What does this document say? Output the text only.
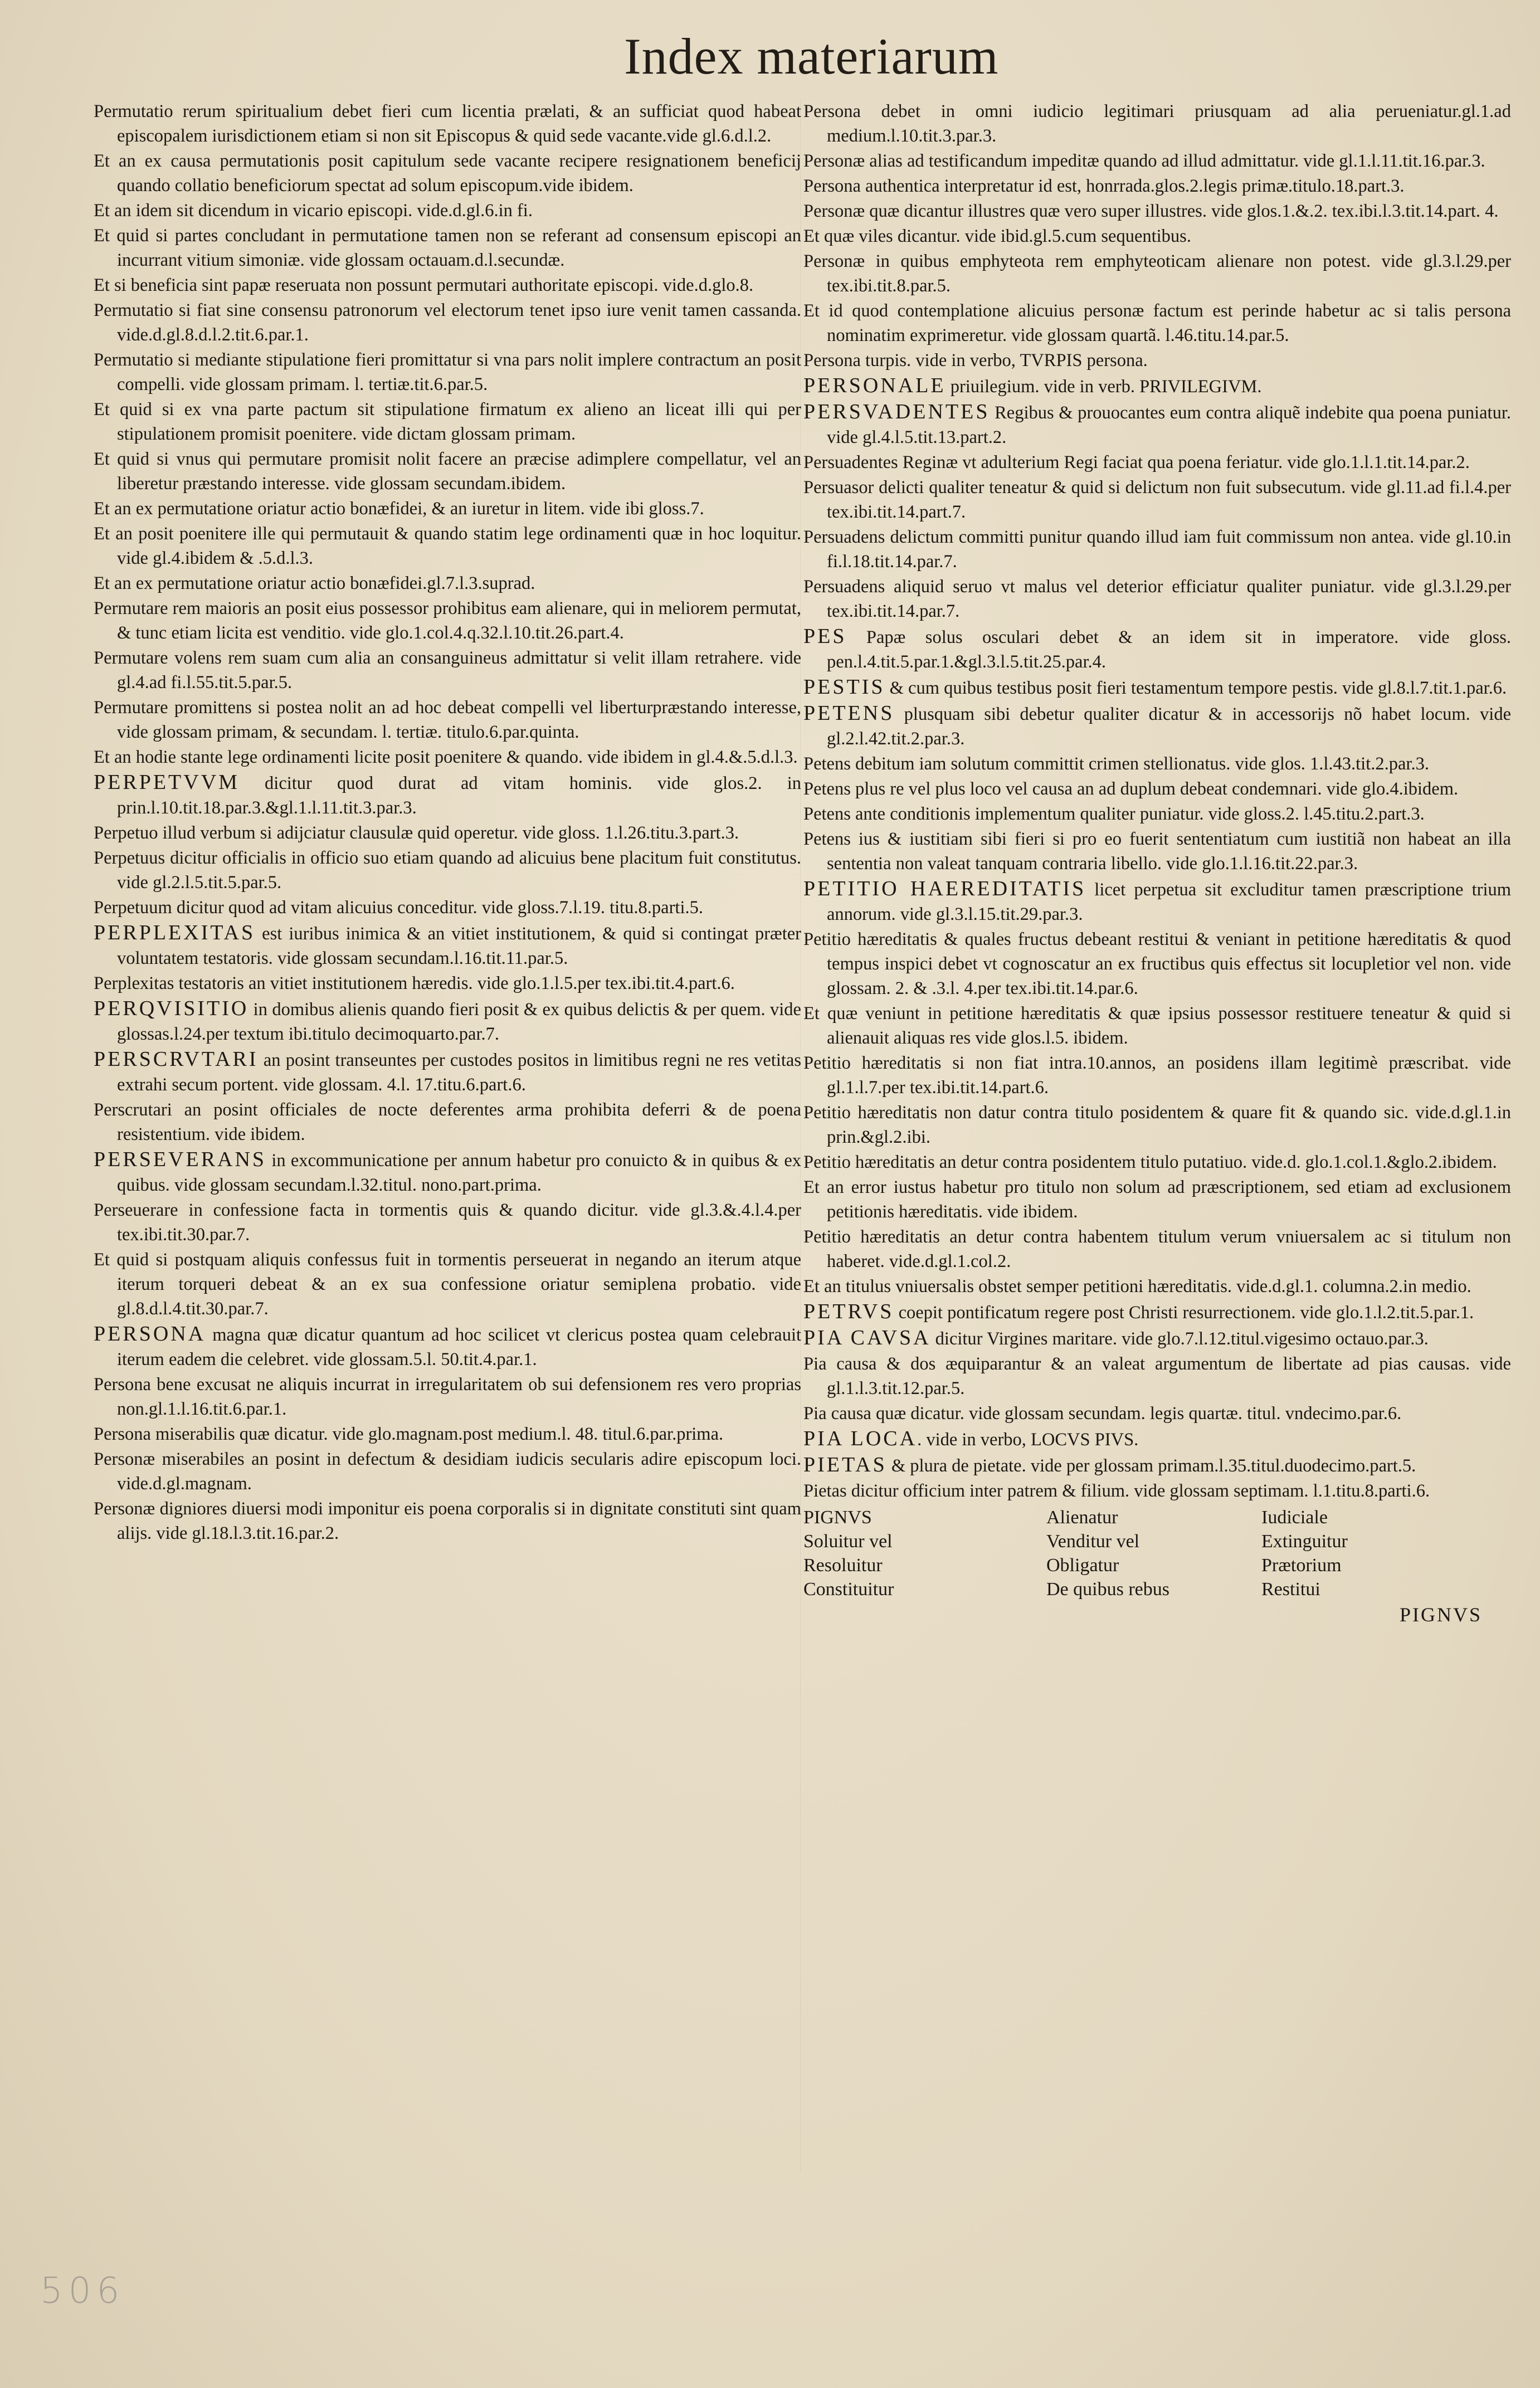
Index materiarum
Permutatio rerum spiritualium debet fieri cum licentia prælati, & an sufficiat quod habeat episcopalem iurisdictionem etiam si non sit Episcopus & quid sede vacante.vide gl.6.d.l.2.
Et an ex causa permutationis posit capitulum sede vacante recipere resignationem beneficij quando collatio beneficiorum spectat ad solum episcopum.vide ibidem.
Et an idem sit dicendum in vicario episcopi. vide.d.gl.6.in fi.
Et quid si partes concludant in permutatione tamen non se referant ad consensum episcopi an incurrant vitium simoniæ. vide glossam octauam.d.l.secundæ.
Et si beneficia sint papæ reseruata non possunt permutari authoritate episcopi. vide.d.glo.8.
Permutatio si fiat sine consensu patronorum vel electorum tenet ipso iure venit tamen cassanda. vide.d.gl.8.d.l.2.tit.6.par.1.
Permutatio si mediante stipulatione fieri promittatur si vna pars nolit implere contractum an posit compelli. vide glossam primam. l. tertiæ.tit.6.par.5.
Et quid si ex vna parte pactum sit stipulatione firmatum ex alieno an liceat illi qui per stipulationem promisit poenitere. vide dictam glossam primam.
Et quid si vnus qui permutare promisit nolit facere an præcise adimplere compellatur, vel an liberetur præstando interesse. vide glossam secundam.ibidem.
Et an ex permutatione oriatur actio bonæfidei, & an iuretur in litem. vide ibi gloss.7.
Et an posit poenitere ille qui permutauit & quando statim lege ordinamenti quæ in hoc loquitur. vide gl.4.ibidem & .5.d.l.3.
Et an ex permutatione oriatur actio bonæfidei.gl.7.l.3.suprad.
Permutare rem maioris an posit eius possessor prohibitus eam alienare, qui in meliorem permutat, & tunc etiam licita est venditio. vide glo.1.col.4.q.32.l.10.tit.26.part.4.
Permutare volens rem suam cum alia an consanguineus admittatur si velit illam retrahere. vide gl.4.ad fi.l.55.tit.5.par.5.
Permutare promittens si postea nolit an ad hoc debeat compelli vel liberturpræstando interesse, vide glossam primam, & secundam. l. tertiæ. titulo.6.par.quinta.
Et an hodie stante lege ordinamenti licite posit poenitere & quando. vide ibidem in gl.4.&.5.d.l.3.
PERPETVVM dicitur quod durat ad vitam hominis. vide glos.2. in prin.l.10.tit.18.par.3.&gl.1.l.11.tit.3.par.3.
Perpetuo illud verbum si adijciatur clausulæ quid operetur. vide gloss. 1.l.26.titu.3.part.3.
Perpetuus dicitur officialis in officio suo etiam quando ad alicuius bene placitum fuit constitutus. vide gl.2.l.5.tit.5.par.5.
Perpetuum dicitur quod ad vitam alicuius conceditur. vide gloss.7.l.19. titu.8.parti.5.
PERPLEXITAS est iuribus inimica & an vitiet institutionem, & quid si contingat præter voluntatem testatoris. vide glossam secundam.l.16.tit.11.par.5.
Perplexitas testatoris an vitiet institutionem hæredis. vide glo.1.l.5.per tex.ibi.tit.4.part.6.
PERQVISITIO in domibus alienis quando fieri posit & ex quibus delictis & per quem. vide glossas.l.24.per textum ibi.titulo decimoquarto.par.7.
PERSCRVTARI an posint transeuntes per custodes positos in limitibus regni ne res vetitas extrahi secum portent. vide glossam. 4.l. 17.titu.6.part.6.
Perscrutari an posint officiales de nocte deferentes arma prohibita deferri & de poena resistentium. vide ibidem.
PERSEVERANS in excommunicatione per annum habetur pro conuicto & in quibus & ex quibus. vide glossam secundam.l.32.titul. nono.part.prima.
Perseuerare in confessione facta in tormentis quis & quando dicitur. vide gl.3.&.4.l.4.per tex.ibi.tit.30.par.7.
Et quid si postquam aliquis confessus fuit in tormentis perseuerat in negando an iterum atque iterum torqueri debeat & an ex sua confessione oriatur semiplena probatio. vide gl.8.d.l.4.tit.30.par.7.
PERSONA magna quæ dicatur quantum ad hoc scilicet vt clericus postea quam celebrauit iterum eadem die celebret. vide glossam.5.l. 50.tit.4.par.1.
Persona bene excusat ne aliquis incurrat in irregularitatem ob sui defensionem res vero proprias non.gl.1.l.16.tit.6.par.1.
Persona miserabilis quæ dicatur. vide glo.magnam.post medium.l. 48. titul.6.par.prima.
Personæ miserabiles an posint in defectum & desidiam iudicis secularis adire episcopum loci. vide.d.gl.magnam.
Personæ digniores diuersi modi imponitur eis poena corporalis si in dignitate constituti sint quam alijs. vide gl.18.l.3.tit.16.par.2.
Persona debet in omni iudicio legitimari priusquam ad alia perueniatur.gl.1.ad medium.l.10.tit.3.par.3.
Personæ alias ad testificandum impeditæ quando ad illud admittatur. vide gl.1.l.11.tit.16.par.3.
Persona authentica interpretatur id est, honrrada.glos.2.legis primæ.titulo.18.part.3.
Personæ quæ dicantur illustres quæ vero super illustres. vide glos.1.&.2. tex.ibi.l.3.tit.14.part. 4.
Et quæ viles dicantur. vide ibid.gl.5.cum sequentibus.
Personæ in quibus emphyteota rem emphyteoticam alienare non potest. vide gl.3.l.29.per tex.ibi.tit.8.par.5.
Et id quod contemplatione alicuius personæ factum est perinde habetur ac si talis persona nominatim exprimeretur. vide glossam quartã. l.46.titu.14.par.5.
Persona turpis. vide in verbo, TVRPIS persona.
PERSONALE priuilegium. vide in verb. PRIVILEGIVM.
PERSVADENTES Regibus & prouocantes eum contra aliquẽ indebite qua poena puniatur. vide gl.4.l.5.tit.13.part.2.
Persuadentes Reginæ vt adulterium Regi faciat qua poena feriatur. vide glo.1.l.1.tit.14.par.2.
Persuasor delicti qualiter teneatur & quid si delictum non fuit subsecutum. vide gl.11.ad fi.l.4.per tex.ibi.tit.14.part.7.
Persuadens delictum committi punitur quando illud iam fuit commissum non antea. vide gl.10.in fi.l.18.tit.14.par.7.
Persuadens aliquid seruo vt malus vel deterior efficiatur qualiter puniatur. vide gl.3.l.29.per tex.ibi.tit.14.par.7.
PES Papæ solus osculari debet & an idem sit in imperatore. vide gloss. pen.l.4.tit.5.par.1.&gl.3.l.5.tit.25.par.4.
PESTIS & cum quibus testibus posit fieri testamentum tempore pestis. vide gl.8.l.7.tit.1.par.6.
PETENS plusquam sibi debetur qualiter dicatur & in accessorijs nõ habet locum. vide gl.2.l.42.tit.2.par.3.
Petens debitum iam solutum committit crimen stellionatus. vide glos. 1.l.43.tit.2.par.3.
Petens plus re vel plus loco vel causa an ad duplum debeat condemnari. vide glo.4.ibidem.
Petens ante conditionis implementum qualiter puniatur. vide gloss.2. l.45.titu.2.part.3.
Petens ius & iustitiam sibi fieri si pro eo fuerit sententiatum cum iustitiã non habeat an illa sententia non valeat tanquam contraria libello. vide glo.1.l.16.tit.22.par.3.
PETITIO HAEREDITATIS licet perpetua sit excluditur tamen præscriptione trium annorum. vide gl.3.l.15.tit.29.par.3.
Petitio hæreditatis & quales fructus debeant restitui & veniant in petitione hæreditatis & quod tempus inspici debet vt cognoscatur an ex fructibus quis effectus sit locupletior vel non. vide glossam. 2. & .3.l. 4.per tex.ibi.tit.14.par.6.
Et quæ veniunt in petitione hæreditatis & quæ ipsius possessor restituere teneatur & quid si alienauit aliquas res vide glos.l.5. ibidem.
Petitio hæreditatis si non fiat intra.10.annos, an posidens illam legitimè præscribat. vide gl.1.l.7.per tex.ibi.tit.14.part.6.
Petitio hæreditatis non datur contra titulo posidentem & quare fit & quando sic. vide.d.gl.1.in prin.&gl.2.ibi.
Petitio hæreditatis an detur contra posidentem titulo putatiuo. vide.d. glo.1.col.1.&glo.2.ibidem.
Et an error iustus habetur pro titulo non solum ad præscriptionem, sed etiam ad exclusionem petitionis hæreditatis. vide ibidem.
Petitio hæreditatis an detur contra habentem titulum verum vniuersalem ac si titulum non haberet. vide.d.gl.1.col.2.
Et an titulus vniuersalis obstet semper petitioni hæreditatis. vide.d.gl.1. columna.2.in medio.
PETRVS coepit pontificatum regere post Christi resurrectionem. vide glo.1.l.2.tit.5.par.1.
PIA CAVSA dicitur Virgines maritare. vide glo.7.l.12.titul.vigesimo octauo.par.3.
Pia causa & dos æquiparantur & an valeat argumentum de libertate ad pias causas. vide gl.1.l.3.tit.12.par.5.
Pia causa quæ dicatur. vide glossam secundam. legis quartæ. titul. vndecimo.par.6.
PIA LOCA. vide in verbo, LOCVS PIVS.
PIETAS & plura de pietate. vide per glossam primam.l.35.titul.duodecimo.part.5.
Pietas dicitur officium inter patrem & filium. vide glossam septimam. l.1.titu.8.parti.6.
PIGNVS
Soluitur vel
Resoluitur
Constituitur
Alienatur
Venditur vel
Obligatur
De quibus rebus
Iudiciale
Extinguitur
Prætorium
Restitui
PIGNVS
506
